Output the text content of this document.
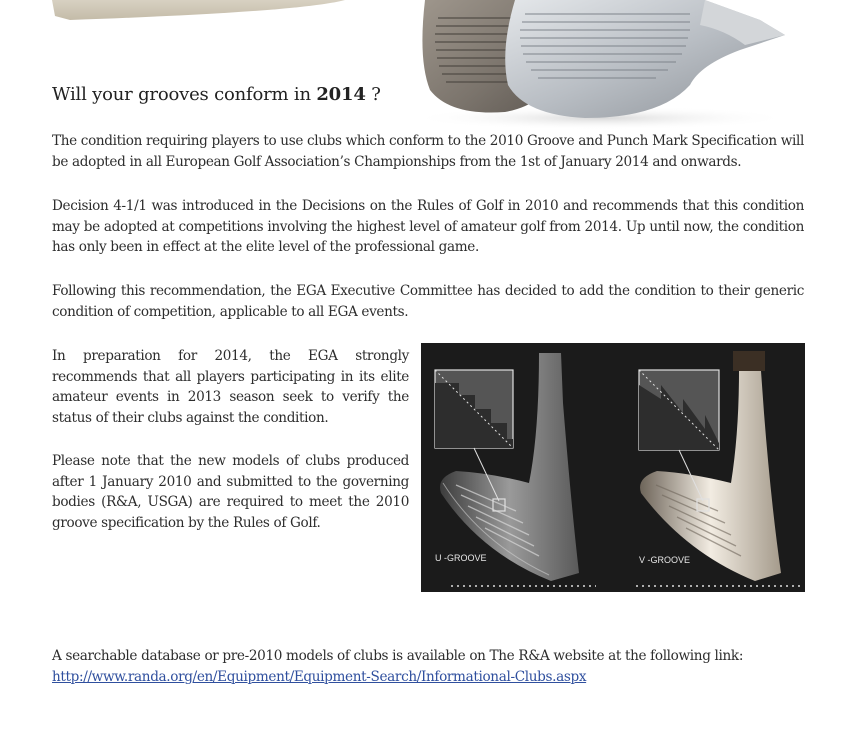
Will your grooves conform in 2014 ?

The condition requiring players to use clubs which conform to the 2010 Groove and Punch Mark Specification will be adopted in all European Golf Association’s Championships from the 1st of January 2014 and onwards.

Decision 4-1/1 was introduced in the Decisions on the Rules of Golf in 2010 and recommends that this condition may be adopted at competitions involving the highest level of amateur golf from 2014. Up until now, the condition has only been in effect at the elite level of the professional game.

Following this recommendation, the EGA Executive Committee has decided to add the condition to their generic condition of competition, applicable to all EGA events.

In preparation for 2014, the EGA strongly recommends that all players participating in its elite amateur events in 2013 season seek to verify the status of their clubs against the condition.

Please note that the new models of clubs produced after 1 January 2010 and submitted to the governing bodies (R&A, USGA) are required to meet the 2010 groove specification by the Rules of Golf.

U -GROOVE	V -GROOVE

A searchable database or pre-2010 models of clubs is available on The R&A website at the following link:
http://www.randa.org/en/Equipment/Equipment-Search/Informational-Clubs.aspx
